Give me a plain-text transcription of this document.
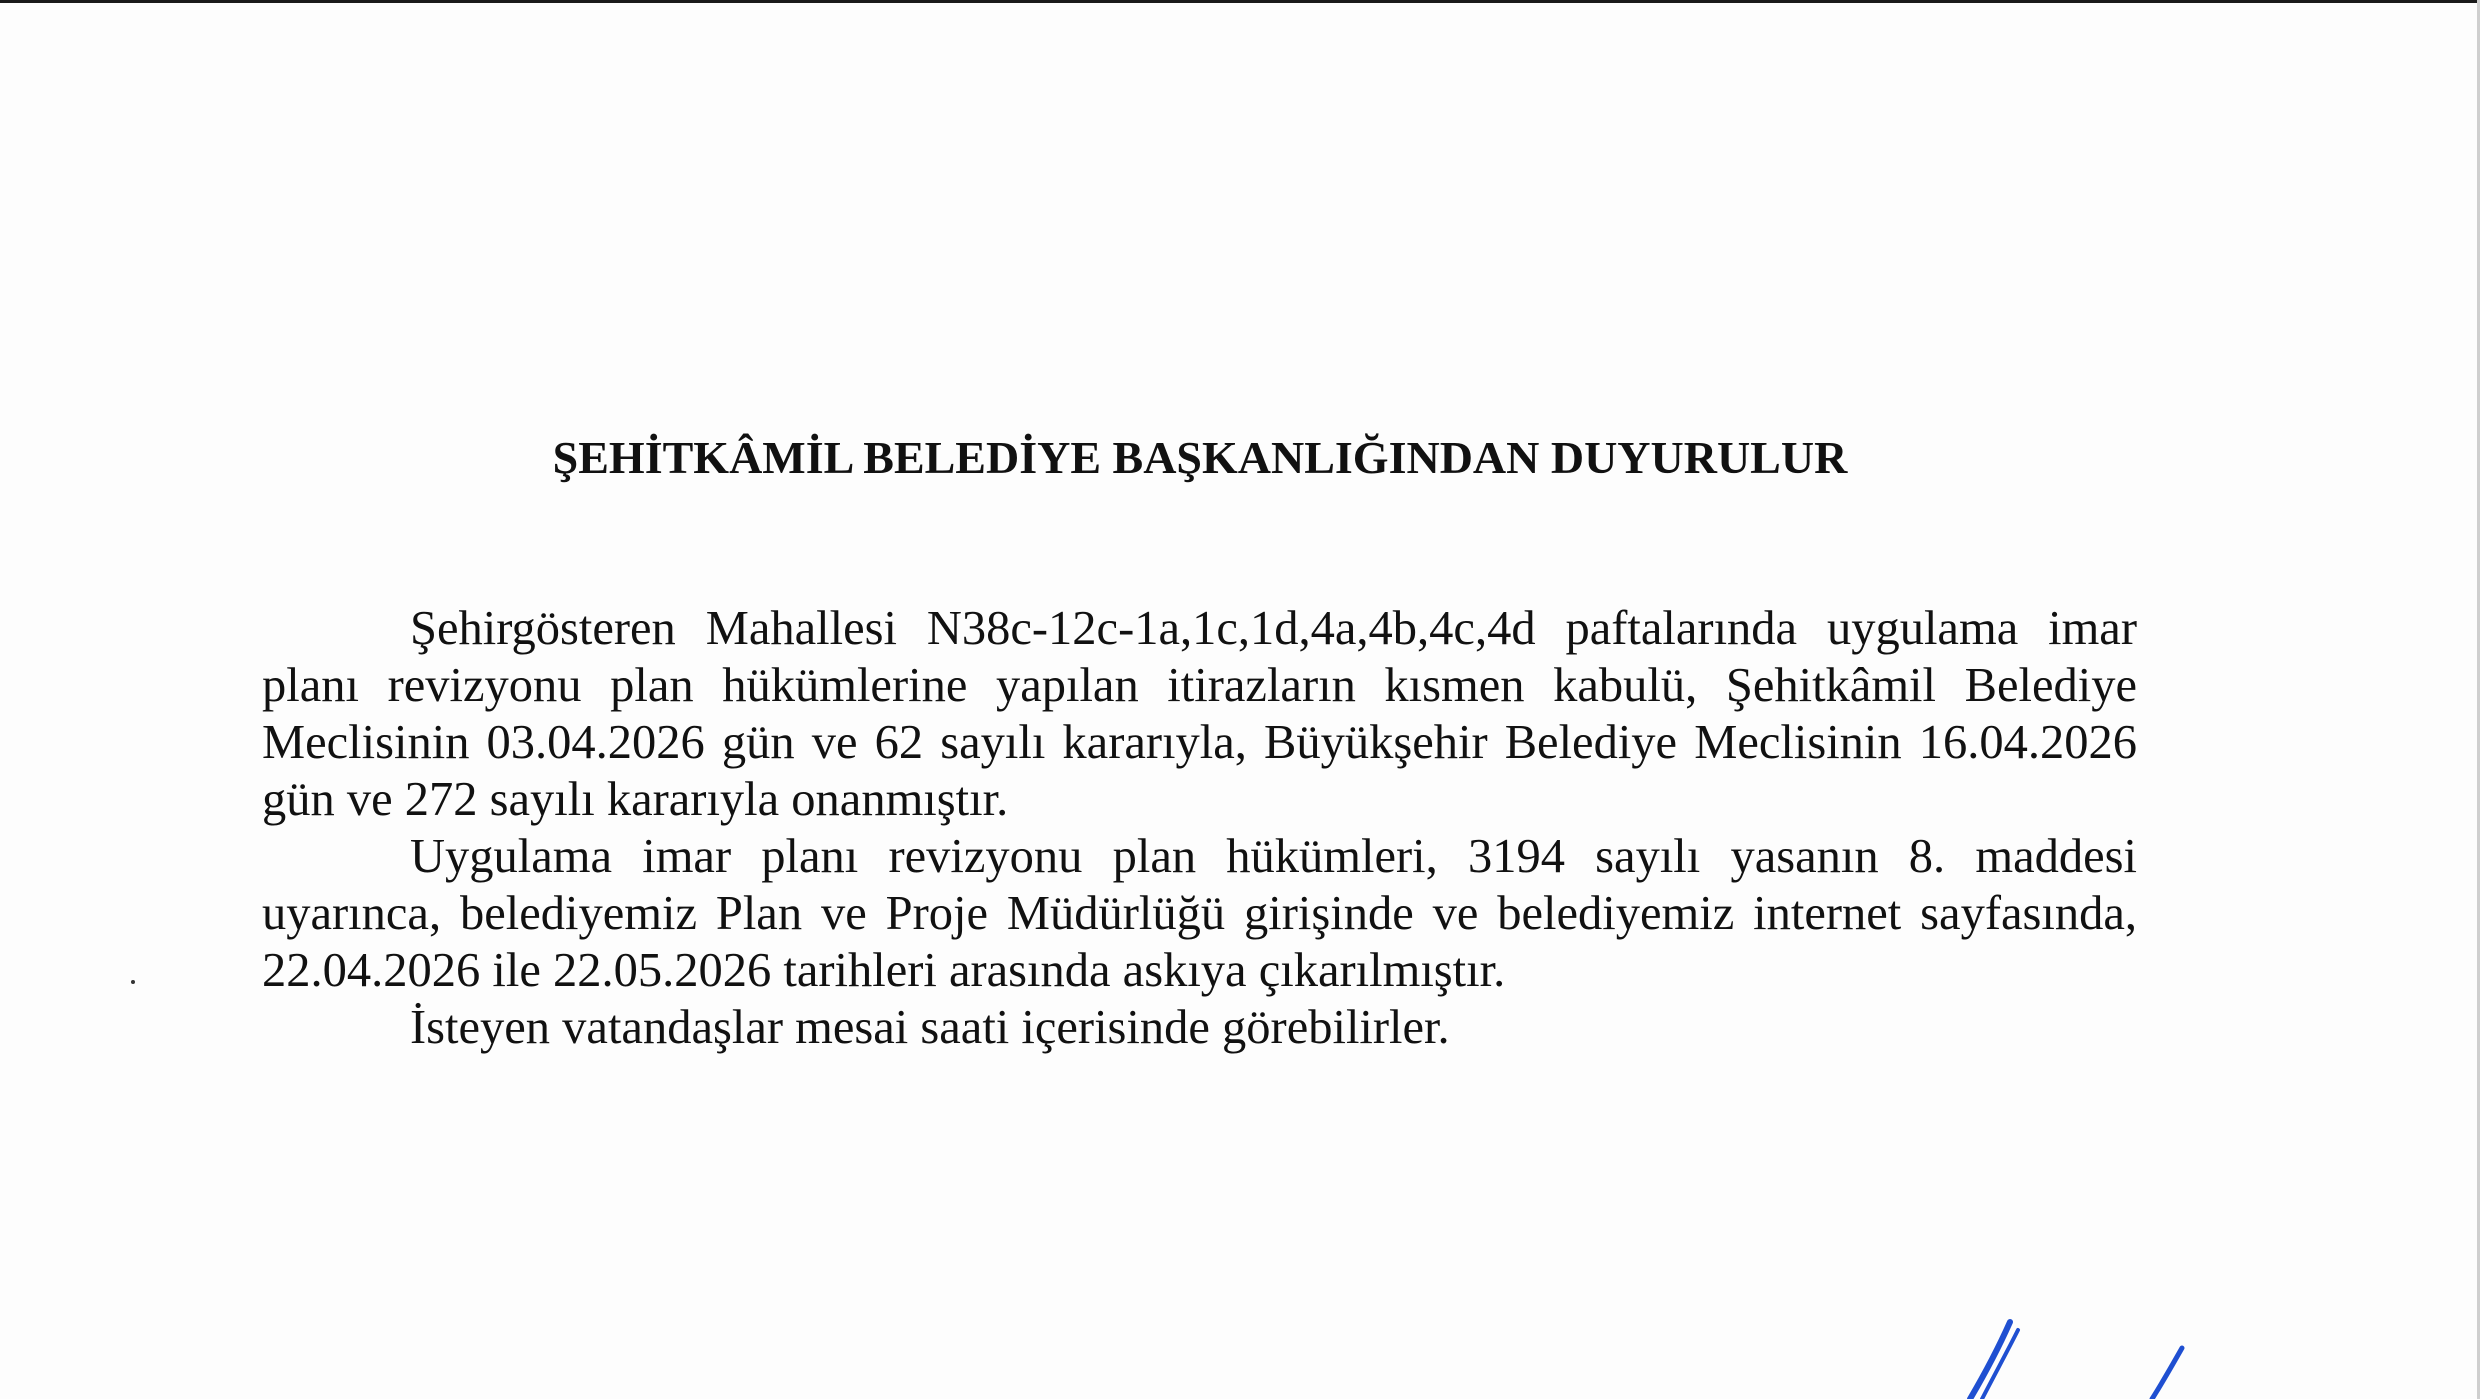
ŞEHİTKÂMİL BELEDİYE BAŞKANLIĞINDAN DUYURULUR

Şehirgösteren Mahallesi N38c-12c-1a,1c,1d,4a,4b,4c,4d paftalarında uygulama imar planı revizyonu plan hükümlerine yapılan itirazların kısmen kabulü, Şehitkâmil Belediye Meclisinin 03.04.2026 gün ve 62 sayılı kararıyla, Büyükşehir Belediye Meclisinin 16.04.2026 gün ve 272 sayılı kararıyla onanmıştır.

Uygulama imar planı revizyonu plan hükümleri, 3194 sayılı yasanın 8. maddesi uyarınca, belediyemiz Plan ve Proje Müdürlüğü girişinde ve belediyemiz internet sayfasında, 22.04.2026 ile 22.05.2026 tarihleri arasında askıya çıkarılmıştır.

İsteyen vatandaşlar mesai saati içerisinde görebilirler.
